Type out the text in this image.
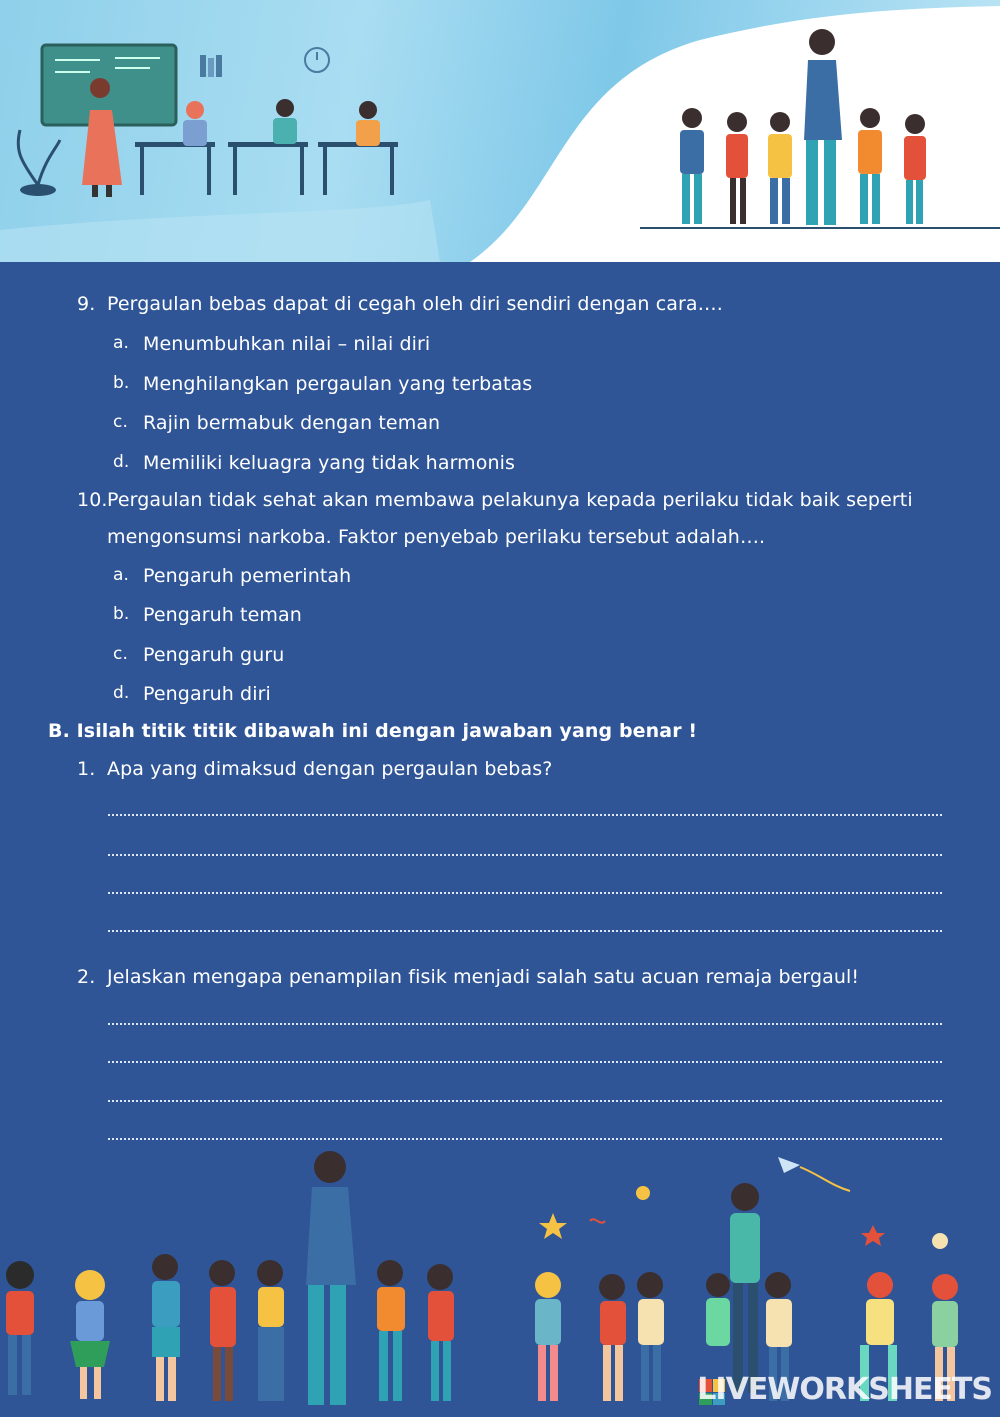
9. Pergaulan bebas dapat di cegah oleh diri sendiri dengan cara….
a. Menumbuhkan nilai – nilai diri
b. Menghilangkan pergaulan yang terbatas
c. Rajin bermabuk dengan teman
d. Memiliki keluagra yang tidak harmonis
10. Pergaulan tidak sehat akan membawa pelakunya kepada perilaku tidak baik seperti
mengonsumsi narkoba. Faktor penyebab perilaku tersebut adalah….
a. Pengaruh pemerintah
b. Pengaruh teman
c. Pengaruh guru
d. Pengaruh diri
B. Isilah titik titik dibawah ini dengan jawaban yang benar !
1. Apa yang dimaksud dengan pergaulan bebas?
2. Jelaskan mengapa penampilan fisik menjadi salah satu acuan remaja bergaul!
LIVEWORKSHEETS
